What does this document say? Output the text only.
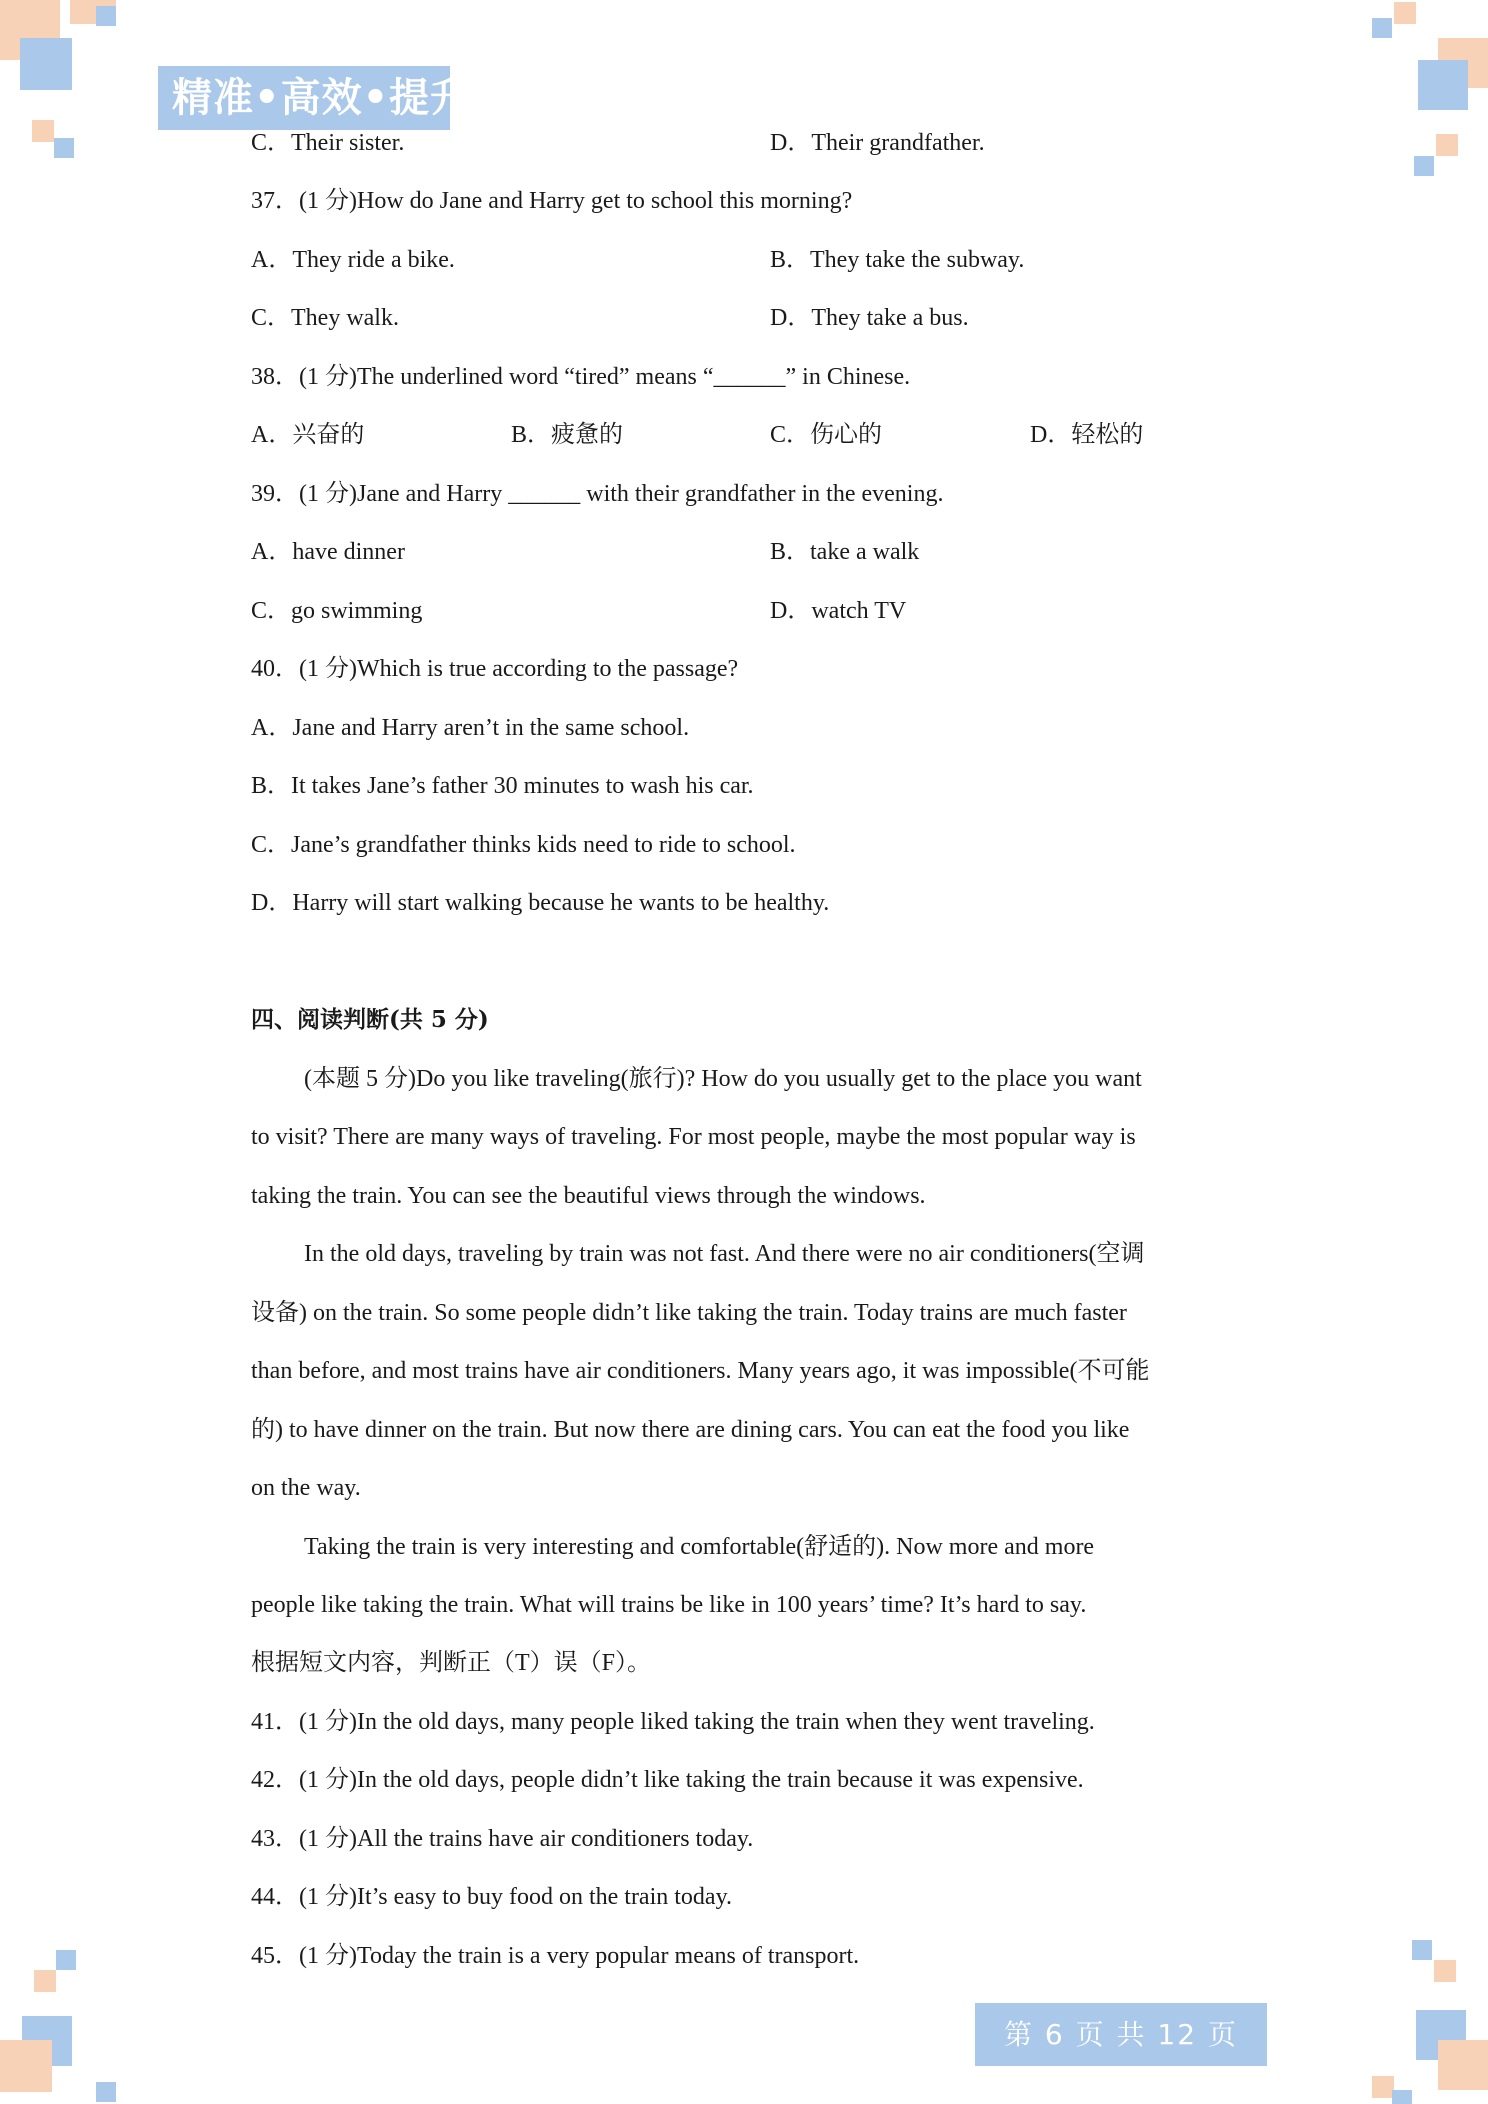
精准•高效•提升
C．Their sister.	D．Their grandfather.
37．(1 分)How do Jane and Harry get to school this morning?
A．They ride a bike.	B．They take the subway.
C．They walk.	D．They take a bus.
38．(1 分)The underlined word “tired” means “______” in Chinese.
A．兴奋的	B．疲惫的	C．伤心的	D．轻松的
39．(1 分)Jane and Harry ______ with their grandfather in the evening.
A．have dinner	B．take a walk
C．go swimming	D．watch TV
40．(1 分)Which is true according to the passage?
A．Jane and Harry aren’t in the same school.
B．It takes Jane’s father 30 minutes to wash his car.
C．Jane’s grandfather thinks kids need to ride to school.
D．Harry will start walking because he wants to be healthy.
四、阅读判断(共 5 分)
(本题 5 分)Do you like traveling(旅行)? How do you usually get to the place you want
to visit? There are many ways of traveling. For most people, maybe the most popular way is
taking the train. You can see the beautiful views through the windows.
In the old days, traveling by train was not fast. And there were no air conditioners(空调
设备) on the train. So some people didn’t like taking the train. Today trains are much faster
than before, and most trains have air conditioners. Many years ago, it was impossible(不可能
的) to have dinner on the train. But now there are dining cars. You can eat the food you like
on the way.
Taking the train is very interesting and comfortable(舒适的). Now more and more
people like taking the train. What will trains be like in 100 years’ time? It’s hard to say.
根据短文内容，判断正（T）误（F）。
41．(1 分)In the old days, many people liked taking the train when they went traveling.
42．(1 分)In the old days, people didn’t like taking the train because it was expensive.
43．(1 分)All the trains have air conditioners today.
44．(1 分)It’s easy to buy food on the train today.
45．(1 分)Today the train is a very popular means of transport.
第 6 页 共 12 页
